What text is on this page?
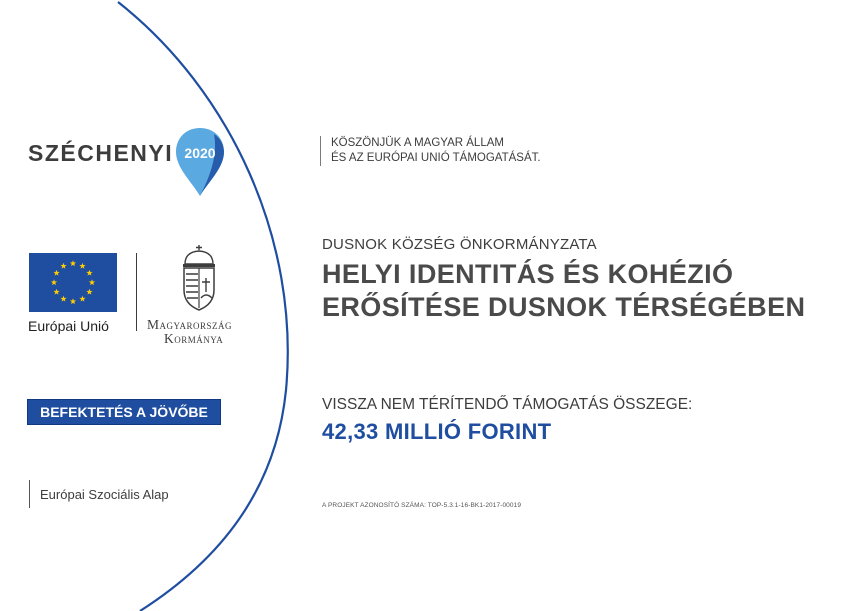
SZÉCHENYI 2020
KÖSZÖNJÜK A MAGYAR ÁLLAM
ÉS AZ EURÓPAI UNIÓ TÁMOGATÁSÁT.
Európai Unió	Magyarország
Kormánya
BEFEKTETÉS A JÖVŐBE
Európai Szociális Alap
DUSNOK KÖZSÉG ÖNKORMÁNYZATA
HELYI IDENTITÁS ÉS KOHÉZIÓ
ERŐSÍTÉSE DUSNOK TÉRSÉGÉBEN
VISSZA NEM TÉRÍTENDŐ TÁMOGATÁS ÖSSZEGE:
42,33 MILLIÓ FORINT
A PROJEKT AZONOSÍTÓ SZÁMA: TOP-5.3.1-16-BK1-2017-00019
